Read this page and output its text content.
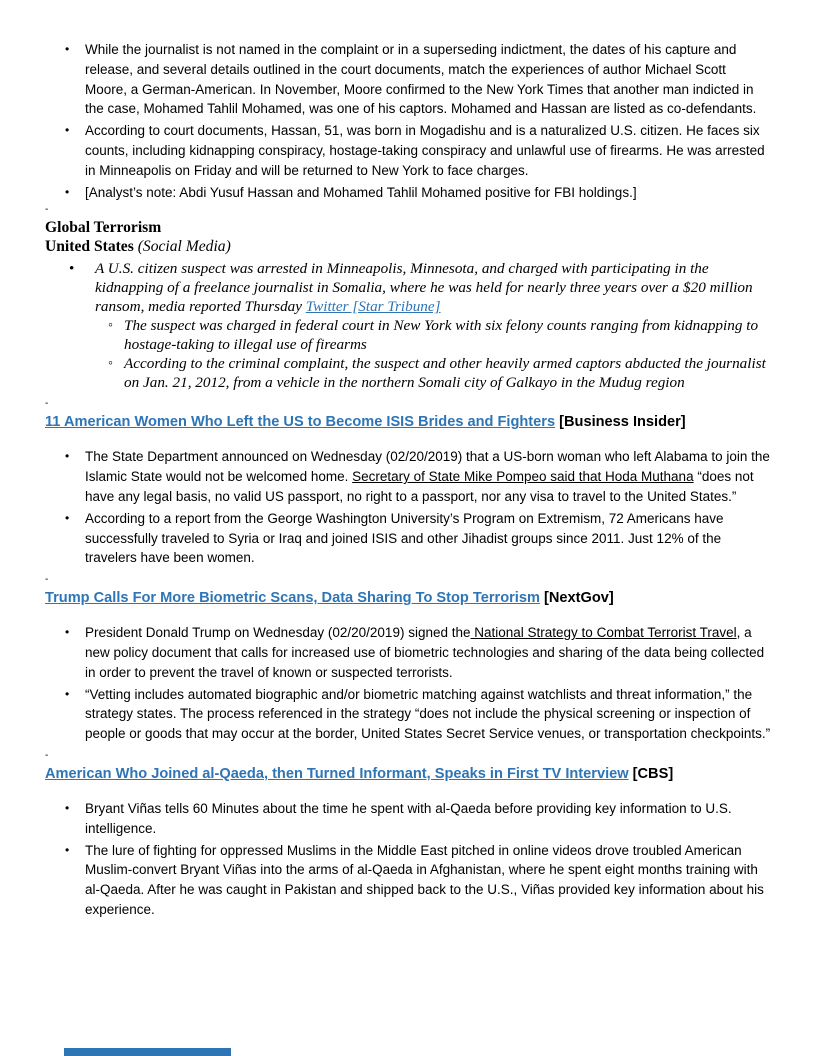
• While the journalist is not named in the complaint or in a superseding indictment, the dates of his capture and release, and several details outlined in the court documents, match the experiences of author Michael Scott Moore, a German-American. In November, Moore confirmed to the New York Times that another man indicted in the case, Mohamed Tahlil Mohamed, was one of his captors. Mohamed and Hassan are listed as co-defendants.
• According to court documents, Hassan, 51, was born in Mogadishu and is a naturalized U.S. citizen. He faces six counts, including kidnapping conspiracy, hostage-taking conspiracy and unlawful use of firearms. He was arrested in Minneapolis on Friday and will be returned to New York to face charges.
• [Analyst’s note: Abdi Yusuf Hassan and Mohamed Tahlil Mohamed positive for FBI holdings.]
-
Global Terrorism
United States (Social Media)
• A U.S. citizen suspect was arrested in Minneapolis, Minnesota, and charged with participating in the kidnapping of a freelance journalist in Somalia, where he was held for nearly three years over a $20 million ransom, media reported Thursday Twitter [Star Tribune]
◦ The suspect was charged in federal court in New York with six felony counts ranging from kidnapping to hostage-taking to illegal use of firearms
◦ According to the criminal complaint, the suspect and other heavily armed captors abducted the journalist on Jan. 21, 2012, from a vehicle in the northern Somali city of Galkayo in the Mudug region
-
11 American Women Who Left the US to Become ISIS Brides and Fighters [Business Insider]
• The State Department announced on Wednesday (02/20/2019) that a US-born woman who left Alabama to join the Islamic State would not be welcomed home. Secretary of State Mike Pompeo said that Hoda Muthana “does not have any legal basis, no valid US passport, no right to a passport, nor any visa to travel to the United States.”
• According to a report from the George Washington University’s Program on Extremism, 72 Americans have successfully traveled to Syria or Iraq and joined ISIS and other Jihadist groups since 2011. Just 12% of the travelers have been women.
-
Trump Calls For More Biometric Scans, Data Sharing To Stop Terrorism [NextGov]
• President Donald Trump on Wednesday (02/20/2019) signed the National Strategy to Combat Terrorist Travel, a new policy document that calls for increased use of biometric technologies and sharing of the data being collected in order to prevent the travel of known or suspected terrorists.
• “Vetting includes automated biographic and/or biometric matching against watchlists and threat information,” the strategy states. The process referenced in the strategy “does not include the physical screening or inspection of people or goods that may occur at the border, United States Secret Service venues, or transportation checkpoints.”
-
American Who Joined al-Qaeda, then Turned Informant, Speaks in First TV Interview [CBS]
• Bryant Viñas tells 60 Minutes about the time he spent with al-Qaeda before providing key information to U.S. intelligence.
• The lure of fighting for oppressed Muslims in the Middle East pitched in online videos drove troubled American Muslim-convert Bryant Viñas into the arms of al-Qaeda in Afghanistan, where he spent eight months training with al-Qaeda. After he was caught in Pakistan and shipped back to the U.S., Viñas provided key information about his experience.
